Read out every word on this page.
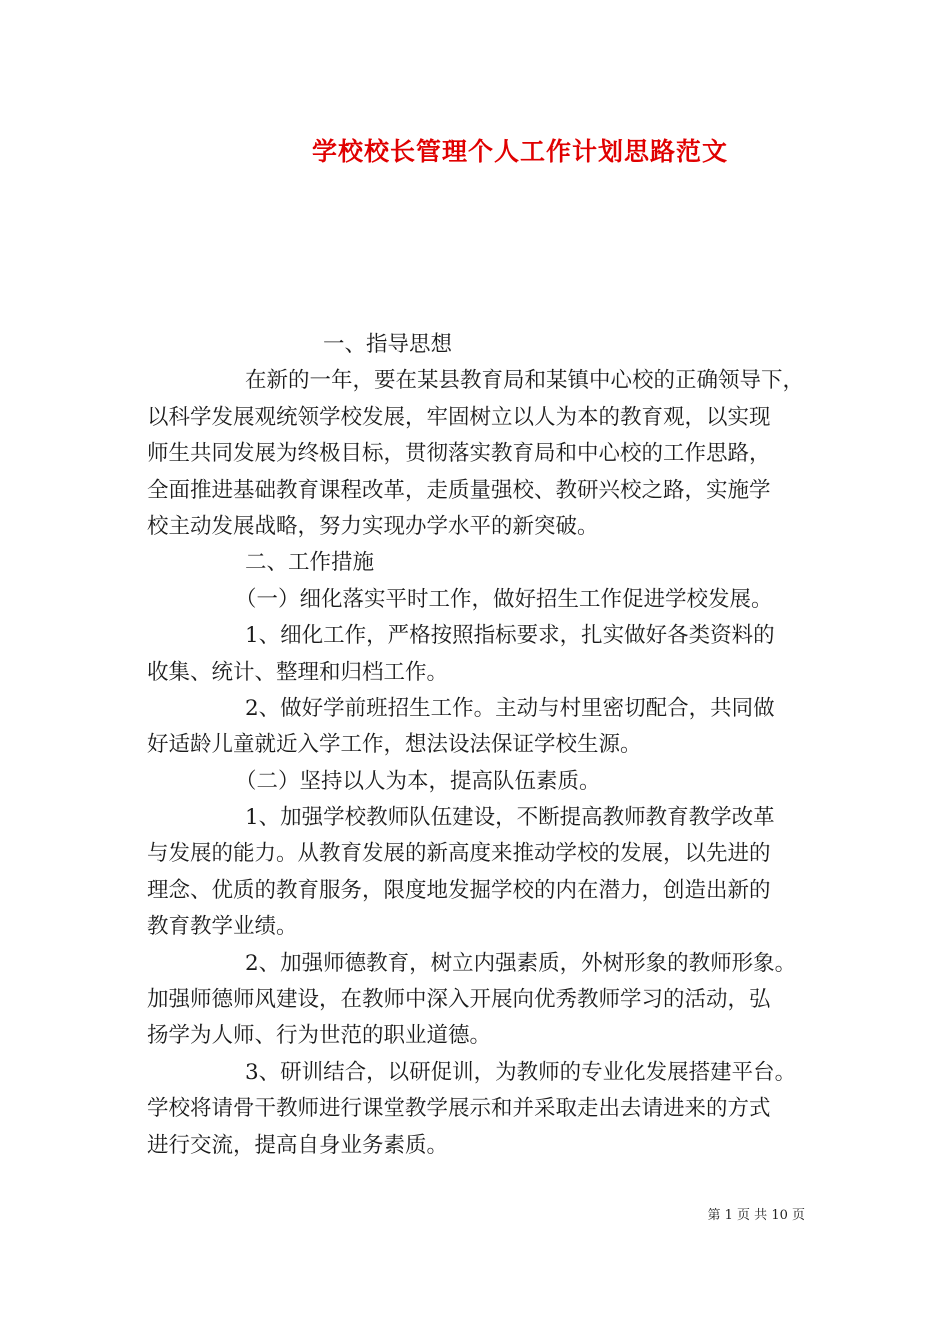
学校校长管理个人工作计划思路范文
一、指导思想
在新的一年，要在某县教育局和某镇中心校的正确领导下，
以科学发展观统领学校发展，牢固树立以人为本的教育观，以实现
师生共同发展为终极目标，贯彻落实教育局和中心校的工作思路，
全面推进基础教育课程改革，走质量强校、教研兴校之路，实施学
校主动发展战略，努力实现办学水平的新突破。
二、工作措施
（一）细化落实平时工作，做好招生工作促进学校发展。
1、细化工作，严格按照指标要求，扎实做好各类资料的
收集、统计、整理和归档工作。
2、做好学前班招生工作。主动与村里密切配合，共同做
好适龄儿童就近入学工作，想法设法保证学校生源。
（二）坚持以人为本，提高队伍素质。
1、加强学校教师队伍建设，不断提高教师教育教学改革
与发展的能力。从教育发展的新高度来推动学校的发展，以先进的
理念、优质的教育服务，限度地发掘学校的内在潜力，创造出新的
教育教学业绩。
2、加强师德教育，树立内强素质，外树形象的教师形象。
加强师德师风建设，在教师中深入开展向优秀教师学习的活动，弘
扬学为人师、行为世范的职业道德。
3、研训结合，以研促训，为教师的专业化发展搭建平台。
学校将请骨干教师进行课堂教学展示和并采取走出去请进来的方式
进行交流，提高自身业务素质。
第 1 页 共 10 页
